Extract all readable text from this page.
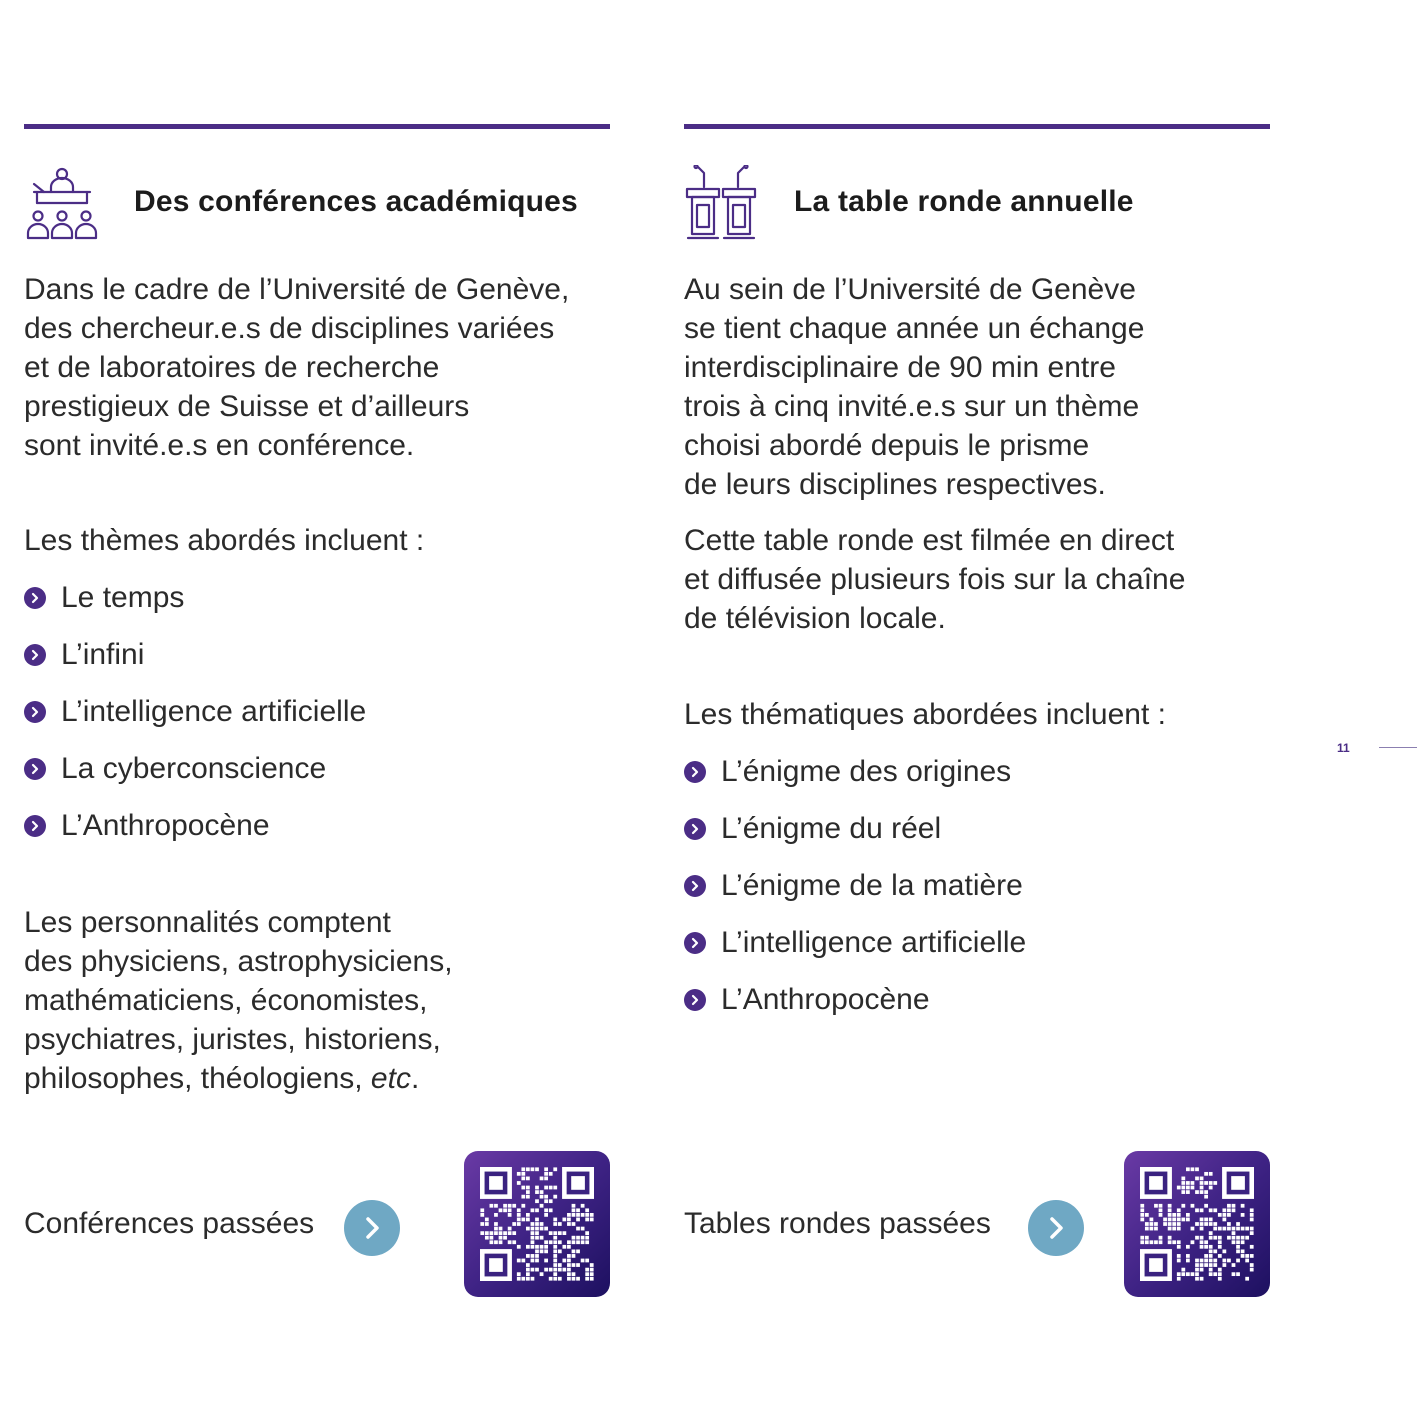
Des conférences académiques

Dans le cadre de l’Université de Genève,
des chercheur.e.s de disciplines variées
et de laboratoires de recherche
prestigieux de Suisse et d’ailleurs
sont invité.e.s en conférence.

Les thèmes abordés incluent :

Le temps
L’infini
L’intelligence artificielle
La cyberconscience
L’Anthropocène

Les personnalités comptent
des physiciens, astrophysiciens,
mathématiciens, économistes,
psychiatres, juristes, historiens,
philosophes, théologiens, etc.

Conférences passées
La table ronde annuelle

Au sein de l’Université de Genève
se tient chaque année un échange
interdisciplinaire de 90 min entre
trois à cinq invité.e.s sur un thème
choisi abordé depuis le prisme
de leurs disciplines respectives.

Cette table ronde est filmée en direct
et diffusée plusieurs fois sur la chaîne
de télévision locale.

Les thématiques abordées incluent :

L’énigme des origines
L’énigme du réel
L’énigme de la matière
L’intelligence artificielle
L’Anthropocène
Tables rondes passées
11
